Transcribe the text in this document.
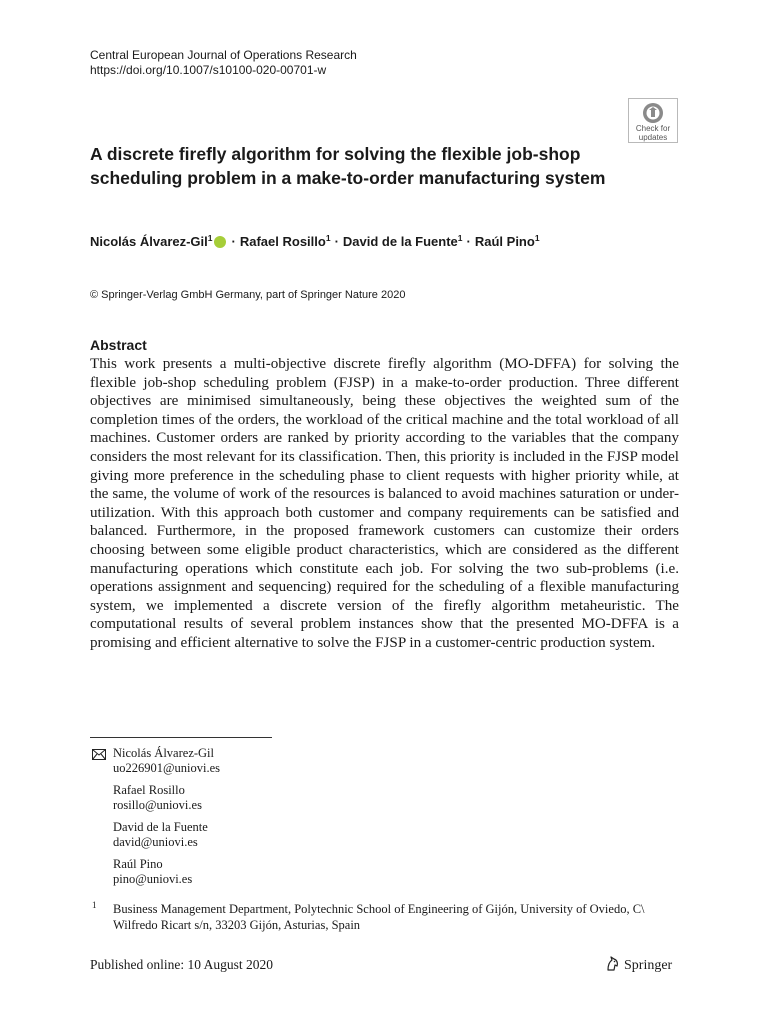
Central European Journal of Operations Research
https://doi.org/10.1007/s10100-020-00701-w
Check for
updates
A discrete firefly algorithm for solving the flexible job-shop scheduling problem in a make-to-order manufacturing system
Nicolás Álvarez-Gil$^1$ · Rafael Rosillo$^1$ · David de la Fuente$^1$ · Raúl Pino$^1$
© Springer-Verlag GmbH Germany, part of Springer Nature 2020
Abstract

This work presents a multi-objective discrete firefly algorithm (MO-DFFA) for solving the flexible job-shop scheduling problem (FJSP) in a make-to-order production. Three different objectives are minimised simultaneously, being these objectives the weighted sum of the completion times of the orders, the workload of the critical machine and the total workload of all machines. Customer orders are ranked by priority according to the variables that the company considers the most relevant for its classification. Then, this priority is included in the FJSP model giving more preference in the scheduling phase to client requests with higher priority while, at the same, the volume of work of the resources is balanced to avoid machines saturation or under-utilization. With this approach both customer and company requirements can be satisfied and balanced. Furthermore, in the proposed framework customers can customize their orders choosing between some eligible product characteristics, which are considered as the different manufacturing operations which constitute each job. For solving the two sub-problems (i.e. operations assignment and sequencing) required for the scheduling of a flexible manufacturing system, we implemented a discrete version of the firefly algorithm metaheuristic. The computational results of several problem instances show that the presented MO-DFFA is a promising and efficient alternative to solve the FJSP in a customer-centric production system.

Nicolás Álvarez-Gil
uo226901@uniovi.es
Rafael Rosillo
rosillo@uniovi.es
David de la Fuente
david@uniovi.es
Raúl Pino
pino@uniovi.es
1 Business Management Department, Polytechnic School of Engineering of Gijón, University of Oviedo, C\ Wilfredo Ricart s/n, 33203 Gijón, Asturias, Spain

Published online: 10 August 2020	Springer
